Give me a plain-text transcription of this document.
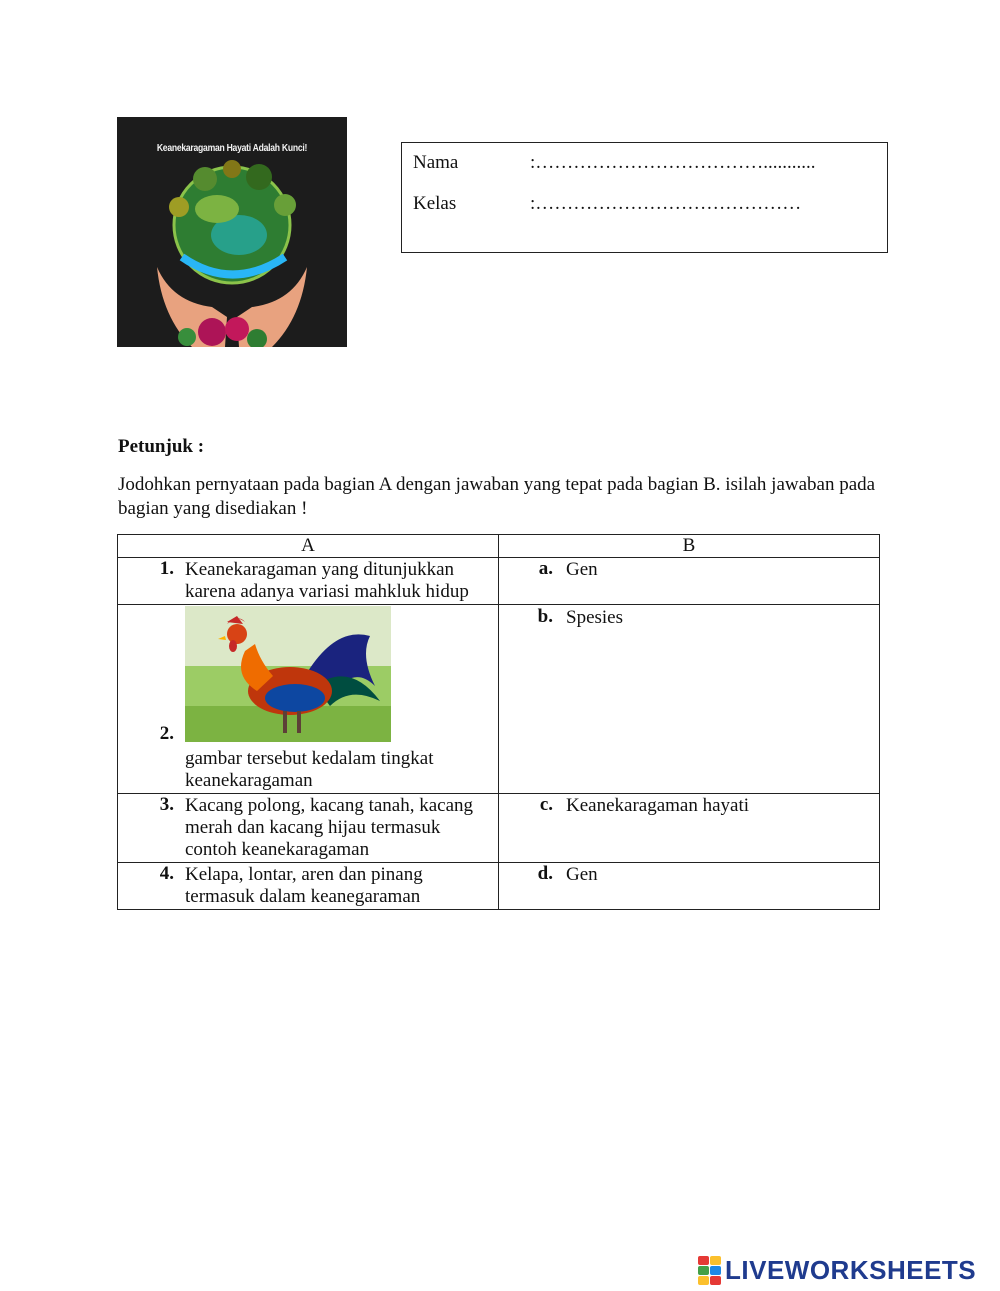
Keanekaragaman Hayati Adalah Kunci!
Nama	:………………………………...........
Kelas	:……………………………………
Petunjuk :
Jodohkan pernyataan pada bagian A dengan jawaban yang tepat pada bagian B. isilah jawaban pada bagian yang disediakan !
A	B

1. Keanekaragaman yang ditunjukkan karena adanya variasi mahkluk hidup	a. Gen

2.
gambar tersebut kedalam tingkat keanekaragaman	b. Spesies

3. Kacang polong, kacang tanah, kacang merah dan kacang hijau termasuk contoh keanekaragaman	c. Keanekaragaman hayati

4. Kelapa, lontar, aren dan pinang termasuk dalam keanegaraman	d. Gen
LIVEWORKSHEETS
